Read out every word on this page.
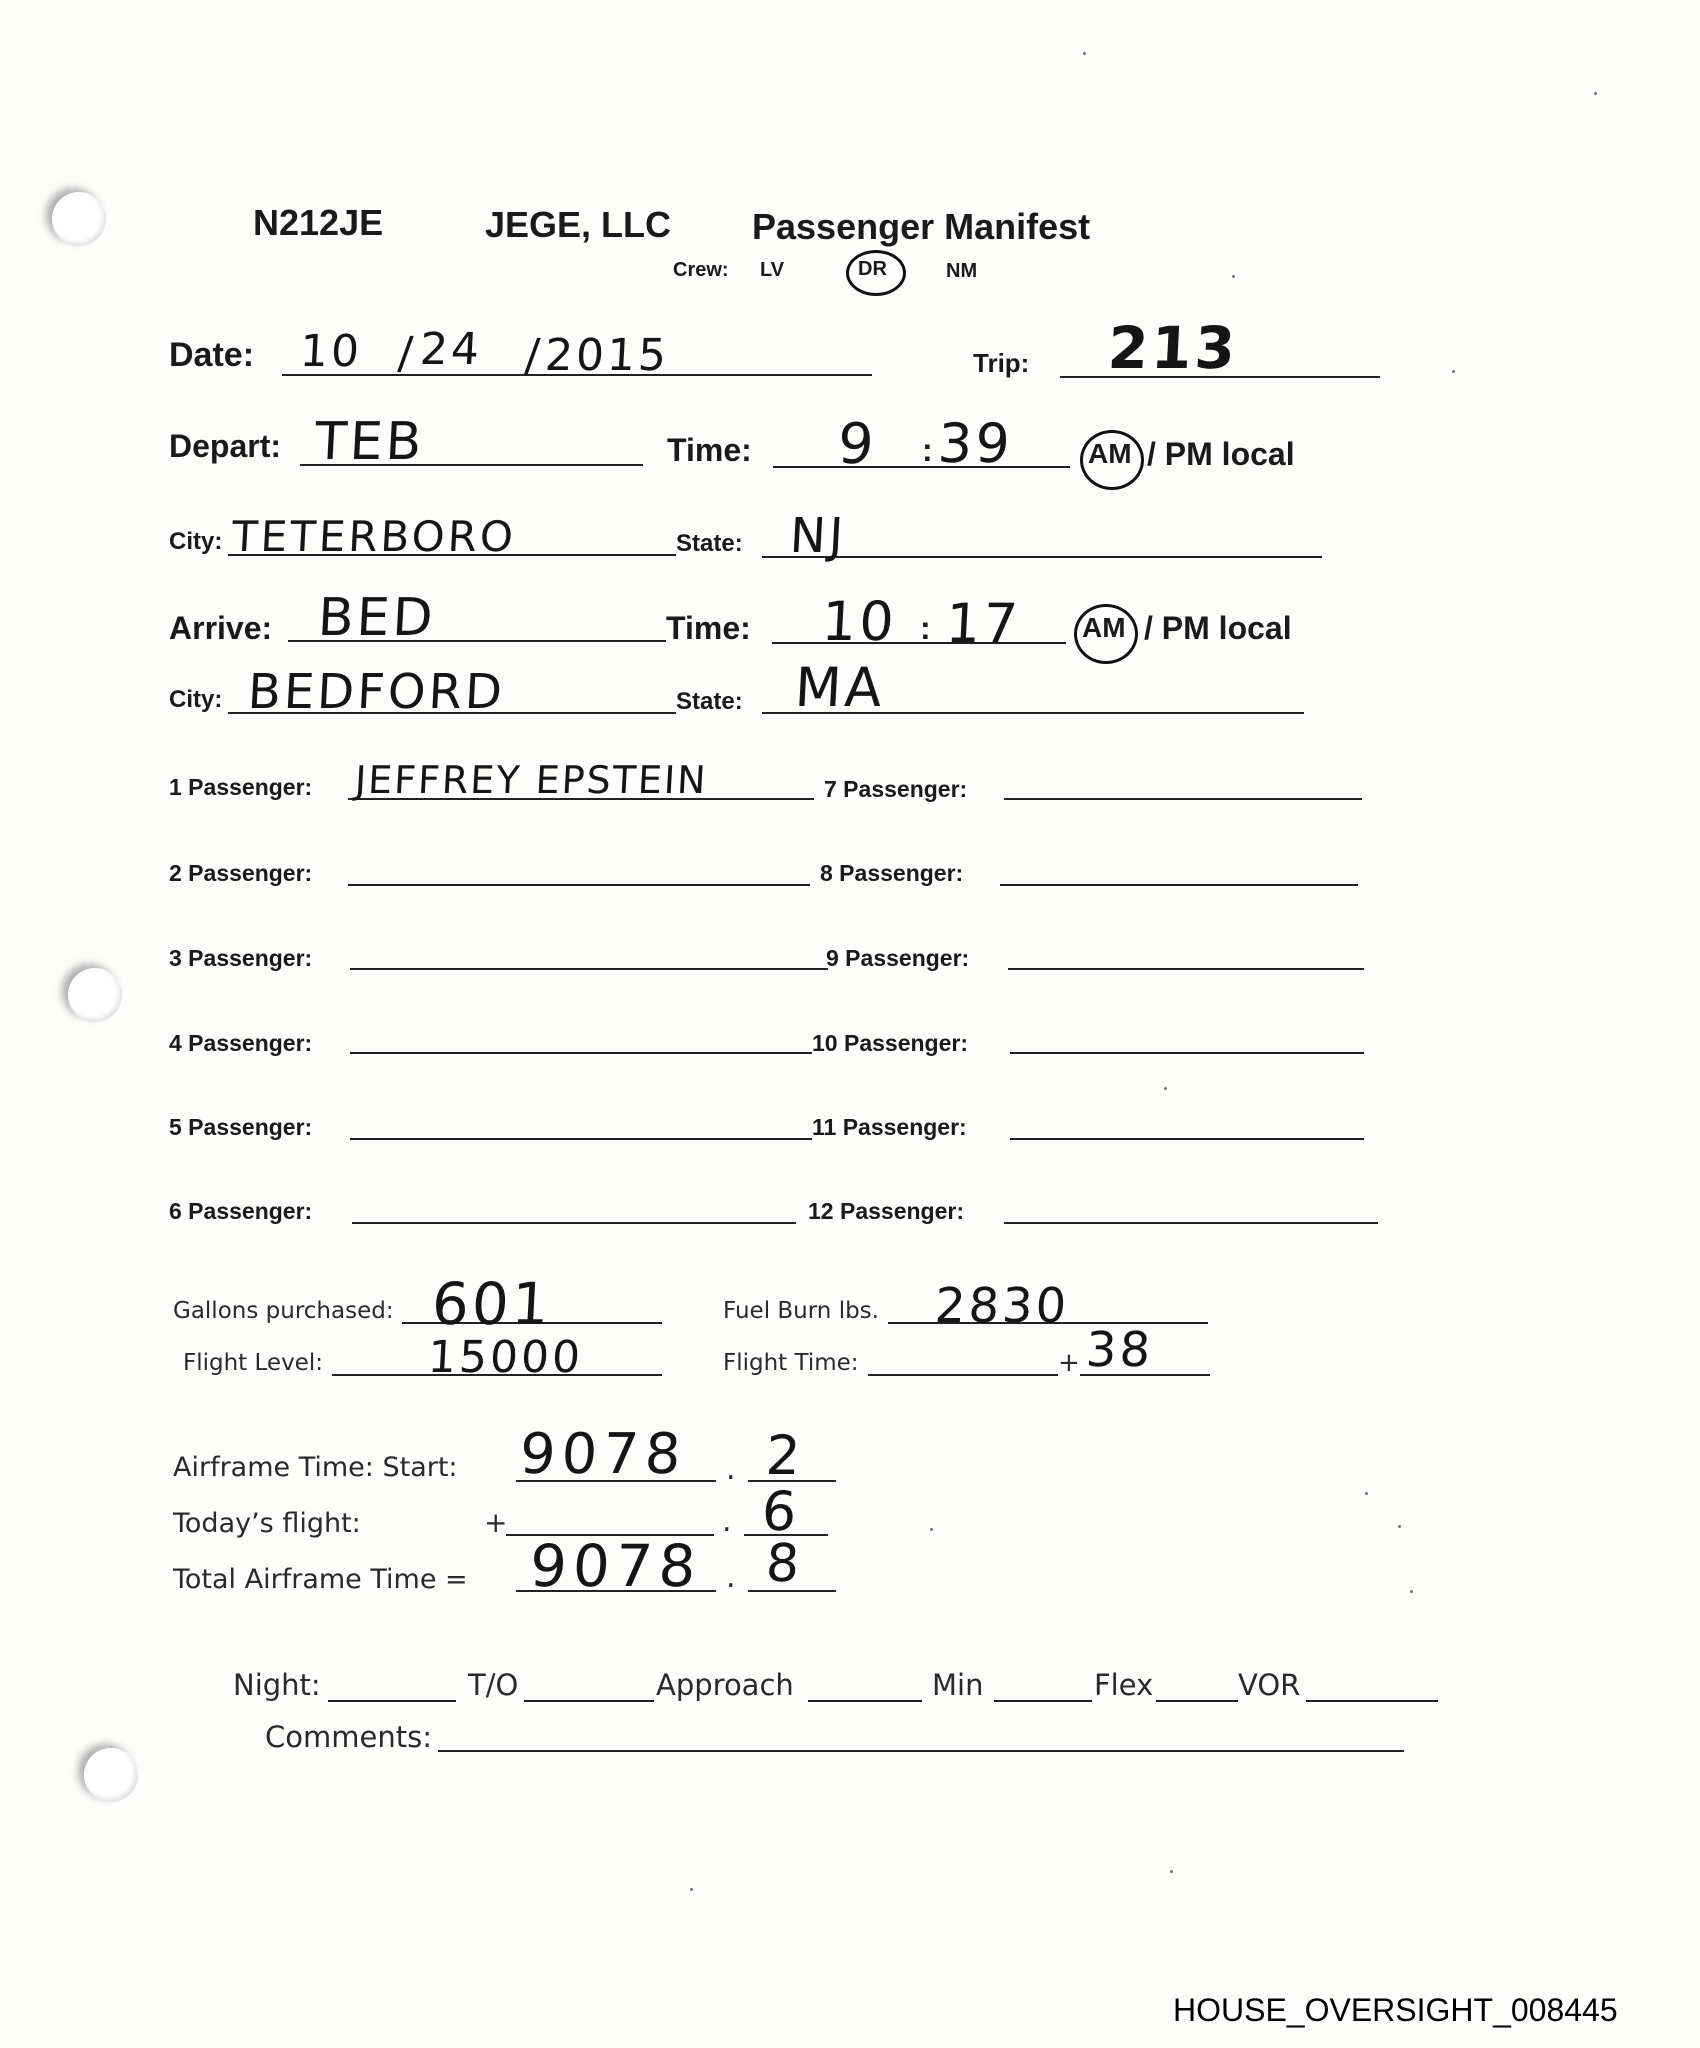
N212JE	JEGE, LLC Passenger Manifest
Crew: LV	DR	NM
Date: 10 / 24 / 2015	Trip: 213
Depart: TEB	Time: 9 : 39	AM / PM local
City: TETERBORO	State: NJ
Arrive: BED	Time: 10 : 17 AM / PM local
City: BEDFORD	State: MA
1 Passenger: JEFFREY EPSTEIN
2 Passenger:
3 Passenger:
4 Passenger:
5 Passenger:
6 Passenger:
7 Passenger:
8 Passenger:
9 Passenger:
10 Passenger:
11 Passenger:
12 Passenger:
Gallons purchased: 601	Fuel Burn lbs. 2830
Flight Level: 15000	Flight Time:	+ 38
Airframe Time: Start: 9078 . 2
Today’s flight:	+	. 6
Total Airframe Time = 9078 . 8
Night:	T/O	Approach	Min	Flex	VOR
Comments:
HOUSE_OVERSIGHT_008445
